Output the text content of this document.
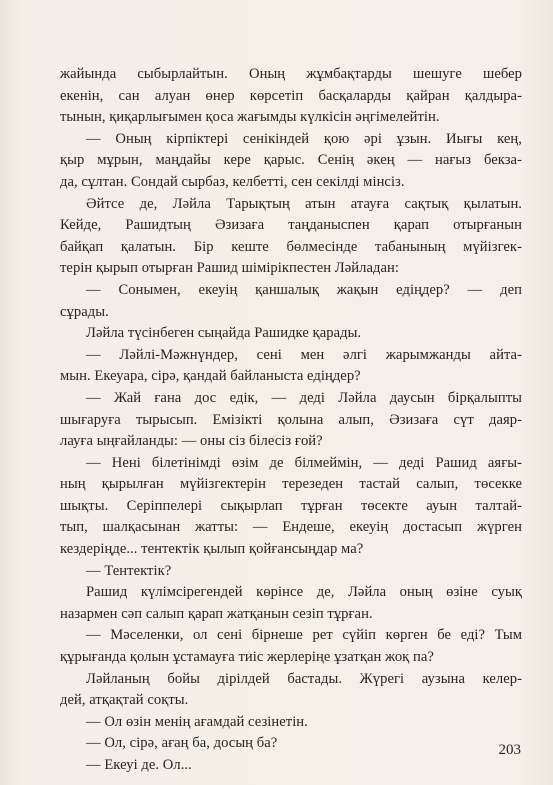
жайында сыбырлайтын. Оның жұмбақтарды шешуге шебер
екенін, сан алуан өнер көрсетіп басқаларды қайран қалдыра-
тынын, қиқарлығымен қоса жағымды күлкісін әңгімелейтін.
— Оның кірпіктері сенікіндей қою әрі ұзын. Иығы кең,
қыр мұрын, маңдайы кере қарыс. Сенің әкең — нағыз бекза-
да, сұлтан. Сондай сырбаз, келбетті, сен секілді мінсіз.
Әйтсе де, Ләйла Тарықтың атын атауға сақтық қылатын.
Кейде, Рашидтың Әзизаға таңданыспен қарап отырғанын
байқап қалатын. Бір кеште бөлмесінде табанының мүйізгек-
терін қырып отырған Рашид шімірікпестен Ләйладан:
— Сонымен, екеуің қаншалық жақын едіңдер? — деп
сұрады.
Ләйла түсінбеген сыңайда Рашидке қарады.
— Ләйлі-Мәжнүндер, сені мен әлгі жарымжанды айта-
мын. Екеуара, сірә, қандай байланыста едіңдер?
— Жай ғана дос едік, — деді Ләйла даусын бірқалыпты
шығаруға тырысып. Емізікті қолына алып, Әзизаға сүт даяр-
лауға ыңғайланды: — оны сіз білесіз ғой?
— Нені білетінімді өзім де білмеймін, — деді Рашид аяғы-
ның қырылған мүйізгектерін терезеден тастай салып, төсекке
шықты. Серіппелері сықырлап тұрған төсекте ауын талтай-
тып, шалқасынан жатты: — Ендеше, екеуің достасып жүрген
кездеріңде... тентектік қылып қойғансыңдар ма?
— Тентектік?
Рашид күлімсірегендей көрінсе де, Ләйла оның өзіне суық
назармен сәп салып қарап жатқанын сезіп тұрған.
— Мәселенки, ол сені бірнеше рет сүйіп көрген бе еді? Тым
құрығанда қолын ұстамауға тиіс жерлеріңе ұзатқан жоқ па?
Ләйланың бойы дірілдей бастады. Жүрегі аузына келер-
дей, атқақтай соқты.
— Ол өзін менің ағамдай сезінетін.
— Ол, сірә, ағаң ба, досың ба?
— Екеуі де. Ол...
203
